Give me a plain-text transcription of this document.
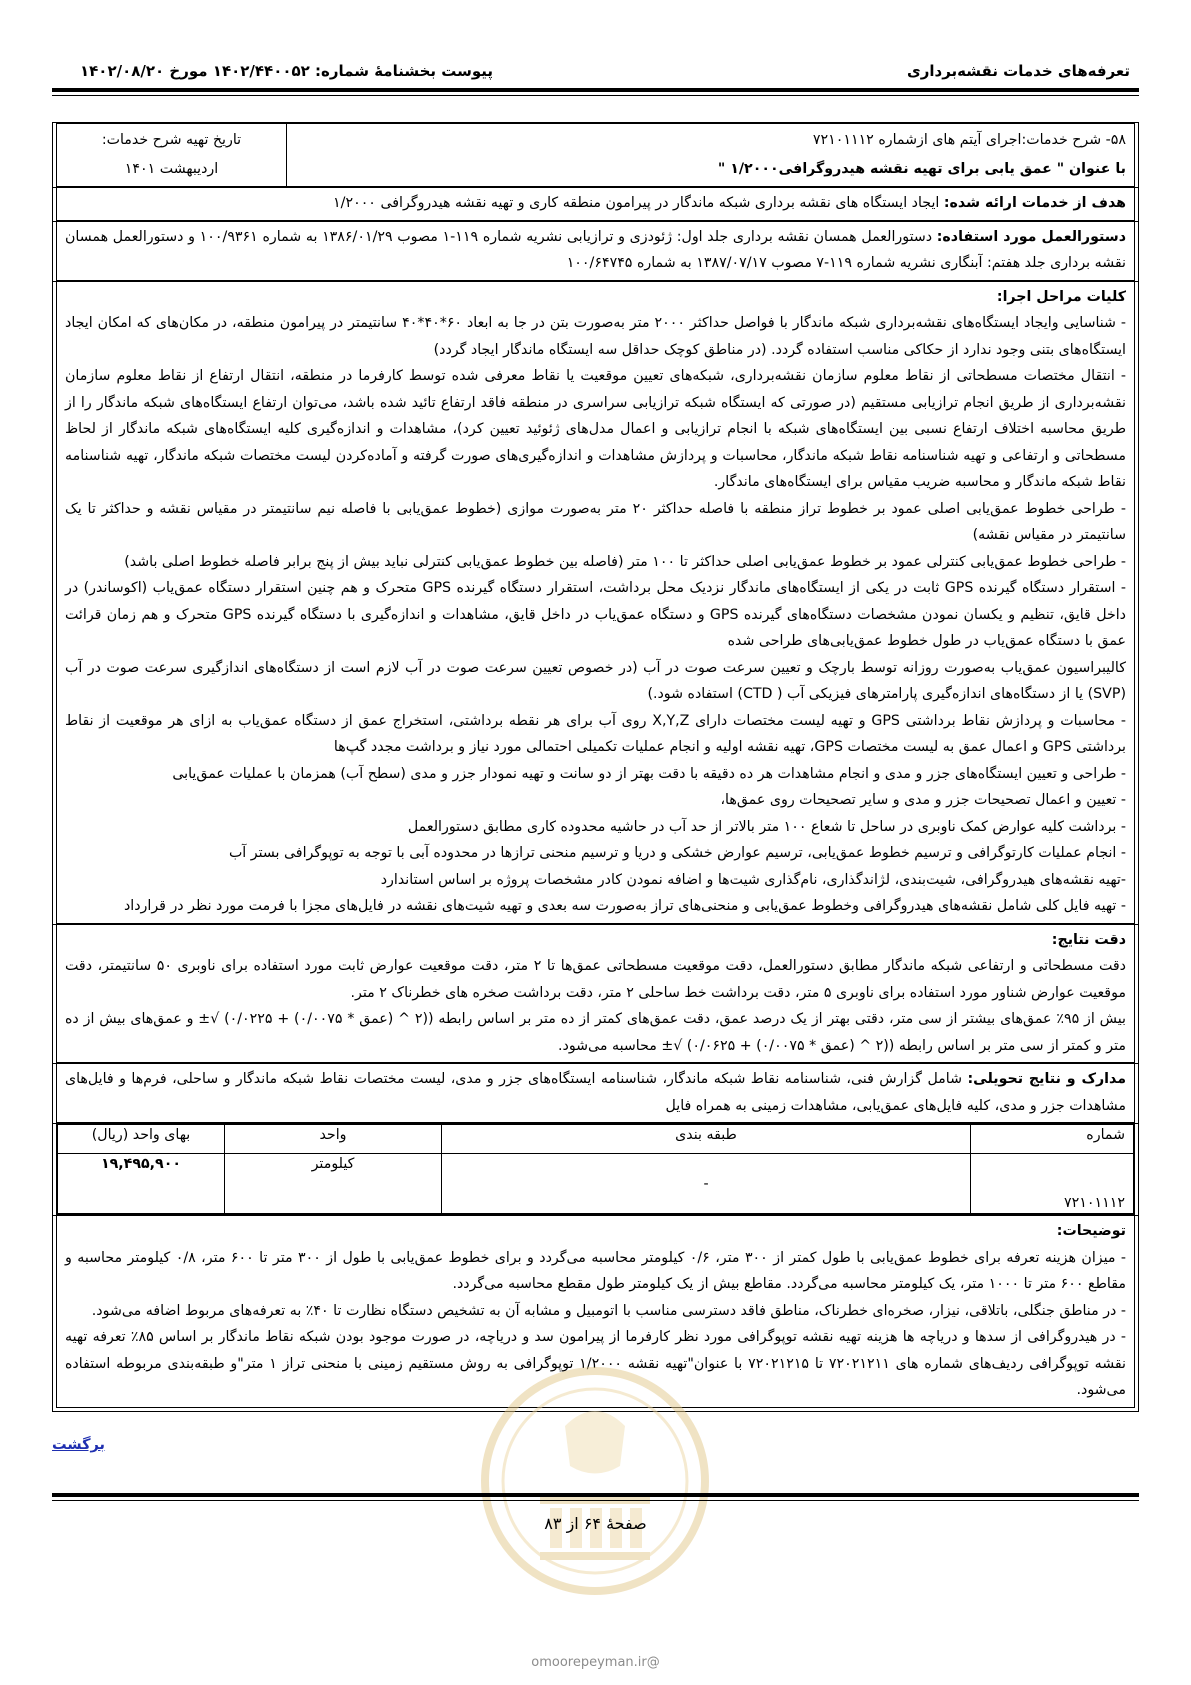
تعرفه‌های خدمات نقشه‌برداری
پیوست بخشنامهٔ شماره: ۱۴۰۲/۴۴۰۰۵۲ مورخ ۱۴۰۲/۰۸/۲۰
۵۸- شرح خدمات:اجرای آیتم های ازشماره ۷۲۱۰۱۱۱۲
با عنوان " عمق یابی برای تهیه نقشه هیدروگرافی۱/۲۰۰۰ "
تاریخ تهیه شرح خدمات:
اردیبهشت ۱۴۰۱
هدف از خدمات ارائه شده: ایجاد ایستگاه های نقشه برداری شبکه ماندگار در پیرامون منطقه کاری و تهیه نقشه هیدروگرافی ۱/۲۰۰۰
دستورالعمل مورد استفاده: دستورالعمل همسان نقشه برداری جلد اول: ژئودزی و ترازیابی نشریه شماره ۱۱۹-۱ مصوب ۱۳۸۶/۰۱/۲۹ به شماره ۱۰۰/۹۳۶۱ و دستورالعمل همسان نقشه برداری جلد هفتم: آبنگاری نشریه شماره ۱۱۹-۷ مصوب ۱۳۸۷/۰۷/۱۷ به شماره ۱۰۰/۶۴۷۴۵
کلیات مراحل اجرا:
- شناسایی وایجاد ایستگاه‌های نقشه‌برداری شبکه ماندگار با فواصل حداکثر ۲۰۰۰ متر به‌صورت بتن در جا به ابعاد ۶۰*۴۰*۴۰ سانتیمتر در پیرامون منطقه، در مکان‌های که امکان ایجاد ایستگاه‌های بتنی وجود ندارد از حکاکی مناسب استفاده گردد. (در مناطق کوچک حداقل سه ایستگاه ماندگار ایجاد گردد)
- انتقال مختصات مسطحاتی از نقاط معلوم سازمان نقشه‌برداری، شبکه‌های تعیین موقعیت یا نقاط معرفی شده توسط کارفرما در منطقه، انتقال ارتفاع از نقاط معلوم سازمان نقشه‌برداری از طریق انجام ترازیابی مستقیم (در صورتی که ایستگاه شبکه ترازیابی سراسری در منطقه فاقد ارتفاع تائید شده باشد، می‌توان ارتفاع ایستگاه‌های شبکه ماندگار را از طریق محاسبه اختلاف ارتفاع نسبی بین ایستگاه‌های شبکه با انجام ترازیابی و اعمال مدل‌های ژئوئید تعیین کرد)، مشاهدات و اندازه‌گیری کلیه ایستگاه‌های شبکه ماندگار از لحاظ مسطحاتی و ارتفاعی و تهیه شناسنامه نقاط شبکه ماندگار، محاسبات و پردازش مشاهدات و اندازه‌گیری‌های صورت گرفته و آماده‌کردن لیست مختصات شبکه ماندگار، تهیه شناسنامه نقاط شبکه ماندگار و محاسبه ضریب مقیاس برای ایستگاه‌های ماندگار.
- طراحی خطوط عمق‌یابی اصلی عمود بر خطوط تراز منطقه با فاصله حداکثر ۲۰ متر به‌صورت موازی (خطوط عمق‌یابی با فاصله نیم سانتیمتر در مقیاس نقشه و حداکثر تا یک سانتیمتر در مقیاس نقشه)
- طراحی خطوط عمق‌یابی کنترلی عمود بر خطوط عمق‌یابی اصلی حداکثر تا ۱۰۰ متر (فاصله بین خطوط عمق‌یابی کنترلی نباید بیش از پنج برابر فاصله خطوط اصلی باشد)
- استقرار دستگاه گیرنده GPS ثابت در یکی از ایستگاه‌های ماندگار نزدیک محل برداشت، استقرار دستگاه گیرنده GPS متحرک و هم چنین استقرار دستگاه عمق‌یاب (اکوساندر) در داخل قایق، تنظیم و یکسان نمودن مشخصات دستگاه‌های گیرنده GPS و دستگاه عمق‌یاب در داخل قایق، مشاهدات و اندازه‌گیری با دستگاه گیرنده GPS متحرک و هم زمان قرائت عمق با دستگاه عمق‌یاب در طول خطوط عمق‌یابی‌های طراحی شده
کالیبراسیون عمق‌یاب به‌صورت روزانه توسط بارچک و تعیین سرعت صوت در آب (در خصوص تعیین سرعت صوت در آب لازم است از دستگاه‌های اندازگیری سرعت صوت در آب (SVP) یا از دستگاه‌های اندازه‌گیری پارامترهای فیزیکی آب ( CTD) استفاده شود.)
- محاسبات و پردازش نقاط برداشتی GPS و تهیه لیست مختصات دارای X,Y,Z روی آب برای هر نقطه برداشتی، استخراج عمق از دستگاه عمق‌یاب به ازای هر موقعیت از نقاط برداشتی GPS و اعمال عمق به لیست مختصات GPS، تهیه نقشه اولیه و انجام عملیات تکمیلی احتمالی مورد نیاز و برداشت مجدد گپ‌ها
- طراحی و تعیین ایستگاه‌های جزر و مدی و انجام مشاهدات هر ده دقیقه با دقت بهتر از دو سانت و تهیه نمودار جزر و مدی (سطح آب) همزمان با عملیات عمق‌یابی
- تعیین و اعمال تصحیحات جزر و مدی و سایر تصحیحات روی عمق‌ها،
- برداشت کلیه عوارض کمک ناوبری در ساحل تا شعاع ۱۰۰ متر بالاتر از حد آب در حاشیه محدوده کاری مطابق دستورالعمل
- انجام عملیات کارتوگرافی و ترسیم خطوط عمق‌یابی، ترسیم عوارض خشکی و دریا و ترسیم منحنی ترازها در محدوده آبی با توجه به توپوگرافی بستر آب
-تهیه نقشه‌های هیدروگرافی، شیت‌بندی، لژاندگذاری، نام‌گذاری شیت‌ها و اضافه نمودن کادر مشخصات پروژه بر اساس استاندارد
- تهیه فایل کلی شامل نقشه‌های هیدروگرافی وخطوط عمق‌یابی و منحنی‌های تراز به‌صورت سه بعدی و تهیه شیت‌های نقشه در فایل‌های مجزا با فرمت مورد نظر در قرارداد
دقت نتایج:
دقت مسطحاتی و ارتفاعی شبکه ماندگار مطابق دستورالعمل، دقت موقعیت مسطحاتی عمق‌ها تا ۲ متر، دقت موقعیت عوارض ثابت مورد استفاده برای ناوبری ۵۰ سانتیمتر، دقت موقعیت عوارض شناور مورد استفاده برای ناوبری ۵ متر، دقت برداشت خط ساحلی ۲ متر، دقت برداشت صخره های خطرناک ۲ متر.
بیش از ۹۵٪ عمق‌های بیشتر از سی متر، دقتی بهتر از یک درصد عمق، دقت عمق‌های کمتر از ده متر بر اساس رابطه ((۲ ^ (عمق * ۰/۰۰۷۵) + ۰/۰۲۲۵) √± و عمق‌های بیش از ده متر و کمتر از سی متر بر اساس رابطه ((۲ ^ (عمق * ۰/۰۰۷۵) + ۰/۰۶۲۵) √± محاسبه می‌شود.
مدارک و نتایج تحویلی: شامل گزارش فنی، شناسنامه نقاط شبکه ماندگار، شناسنامه ایستگاه‌های جزر و مدی، لیست مختصات نقاط شبکه ماندگار و ساحلی، فرم‌ها و فایل‌های مشاهدات جزر و مدی، کلیه فایل‌های عمق‌یابی، مشاهدات زمینی به همراه فایل
شماره	طبقه بندی	واحد	بهای واحد (ریال)
۷۲۱۰۱۱۱۲	-	کیلومتر	۱۹,۴۹۵,۹۰۰
توضیحات:
- میزان هزینه تعرفه برای خطوط عمق‌یابی با طول کمتر از ۳۰۰ متر، ۰/۶ کیلومتر محاسبه می‌گردد و برای خطوط عمق‌یابی با طول از ۳۰۰ متر تا ۶۰۰ متر، ۰/۸ کیلومتر محاسبه و مقاطع ۶۰۰ متر تا ۱۰۰۰ متر، یک کیلومتر محاسبه می‌گردد. مقاطع بیش از یک کیلومتر طول مقطع محاسبه می‌گردد.
- در مناطق جنگلی، باتلاقی، نیزار، صخره‌ای خطرناک، مناطق فاقد دسترسی مناسب با اتومبیل و مشابه آن به تشخیص دستگاه نظارت تا ۴۰٪ به تعرفه‌های مربوط اضافه می‌شود.
- در هیدروگرافی از سدها و دریاچه ها هزینه تهیه نقشه توپوگرافی مورد نظر کارفرما از پیرامون سد و دریاچه، در صورت موجود بودن شبکه نقاط ماندگار بر اساس ۸۵٪ تعرفه تهیه نقشه توپوگرافی ردیف‌های شماره های ۷۲۰۲۱۲۱۱ تا ۷۲۰۲۱۲۱۵ با عنوان"تهیه نقشه ۱/۲۰۰۰ توپوگرافی به روش مستقیم زمینی با منحنی تراز ۱ متر"و طبقه‌بندی مربوطه استفاده می‌شود.
برگشت
صفحهٔ ۶۴ از ۸۳
@omoorepeyman.ir
